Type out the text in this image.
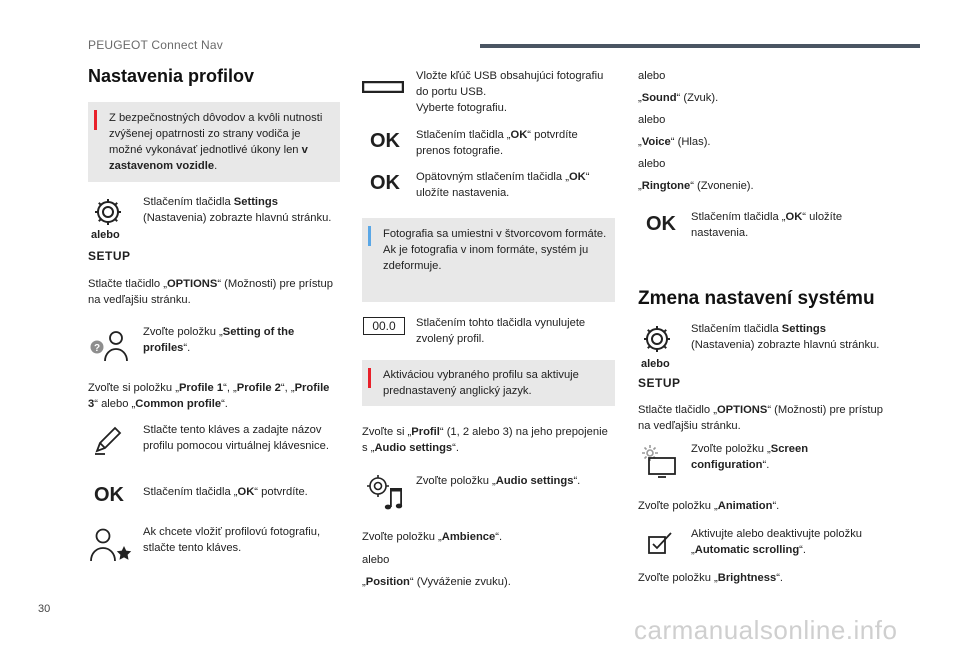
PEUGEOT Connect Nav
Nastavenia profilov
Z bezpečnostných dôvodov a kvôli nutnosti zvýšenej opatrnosti zo strany vodiča je možné vykonávať jednotlivé úkony len v zastavenom vozidle.
alebo
SETUP
Stlačením tlačidla Settings (Nastavenia) zobrazte hlavnú stránku.
Stlačte tlačidlo „OPTIONS“ (Možnosti) pre prístup na vedľajšiu stránku.
?
Zvoľte položku „Setting of the profiles“.
Zvoľte si položku „Profile 1“, „Profile 2“, „Profile 3“ alebo „Common profile“.
Stlačte tento kláves a zadajte názov profilu pomocou virtuálnej klávesnice.
OK Stlačením tlačidla „OK“ potvrdíte.
Ak chcete vložiť profilovú fotografiu, stlačte tento kláves.
Vložte kľúč USB obsahujúci fotografiu do portu USB.
Vyberte fotografiu.
OK Stlačením tlačidla „OK“ potvrdíte prenos fotografie.
OK Opätovným stlačením tlačidla „OK“ uložíte nastavenia.
Fotografia sa umiestni v štvorcovom formáte. Ak je fotografia v inom formáte, systém ju zdeformuje.
00.0	Stlačením tohto tlačidla vynulujete zvolený profil.
Aktiváciou vybraného profilu sa aktivuje prednastavený anglický jazyk.
Zvoľte si „Profil“ (1, 2 alebo 3) na jeho prepojenie s „Audio settings“.
Zvoľte položku „Audio settings“.
Zvoľte položku „Ambience“.
alebo
„Position“ (Vyváženie zvuku).
alebo
„Sound“ (Zvuk).
alebo
„Voice“ (Hlas).
alebo
„Ringtone“ (Zvonenie).
OK Stlačením tlačidla „OK“ uložíte nastavenia.
Zmena nastavení systému
alebo
SETUP
Stlačením tlačidla Settings (Nastavenia) zobrazte hlavnú stránku.
Stlačte tlačidlo „OPTIONS“ (Možnosti) pre prístup na vedľajšiu stránku.
Zvoľte položku „Screen configuration“.
Zvoľte položku „Animation“.
Aktivujte alebo deaktivujte položku „Automatic scrolling“.
Zvoľte položku „Brightness“.
30
carmanualsonline.info
